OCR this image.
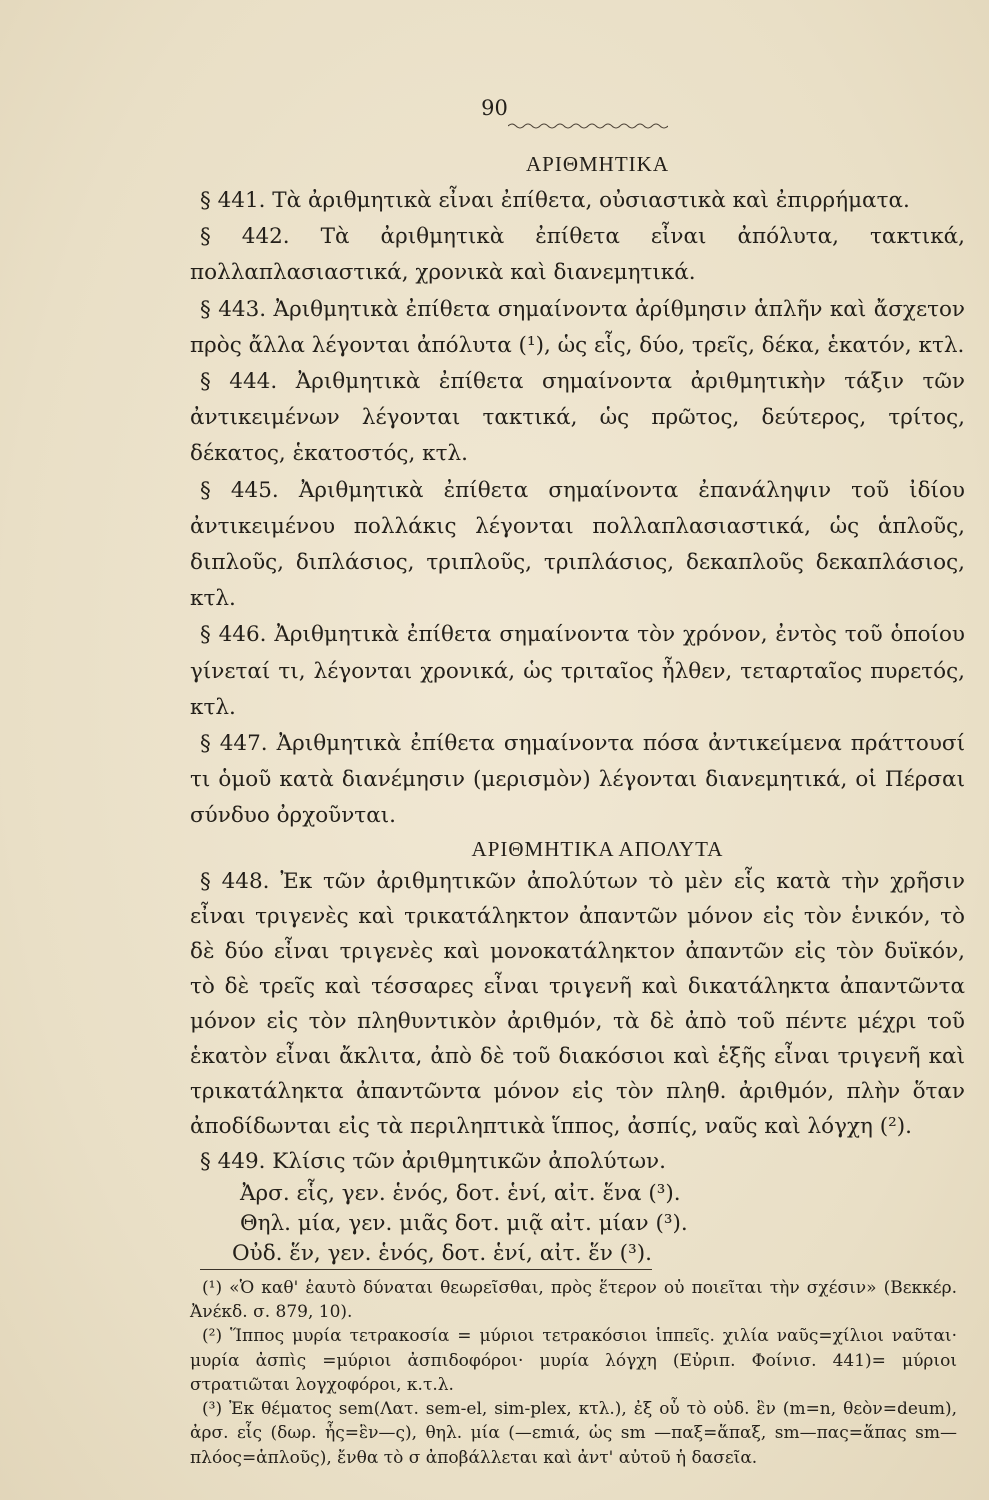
90
ΑΡΙΘΜΗΤΙΚΑ

§ 441. Τὰ ἀριθμητικὰ εἶναι ἐπίθετα, οὐσιαστικὰ καὶ ἐπιρρήματα.

§ 442. Τὰ ἀριθμητικὰ ἐπίθετα εἶναι ἀπόλυτα, τακτικά, πολλαπλασιαστικά, χρονικὰ καὶ διανεμητικά.

§ 443. Ἀριθμητικὰ ἐπίθετα σημαίνοντα ἀρίθμησιν ἁπλῆν καὶ ἄσχετον πρὸς ἄλλα λέγονται ἀπόλυτα (¹), ὡς εἷς, δύο, τρεῖς, δέκα, ἑκατόν, κτλ.

§ 444. Ἀριθμητικὰ ἐπίθετα σημαίνοντα ἀριθμητικὴν τάξιν τῶν ἀντικειμένων λέγονται τακτικά, ὡς πρῶτος, δεύτερος, τρίτος, δέκατος, ἑκατοστός, κτλ.

§ 445. Ἀριθμητικὰ ἐπίθετα σημαίνοντα ἐπανάληψιν τοῦ ἰδίου ἀντικειμένου πολλάκις λέγονται πολλαπλασιαστικά, ὡς ἁπλοῦς, διπλοῦς, διπλάσιος, τριπλοῦς, τριπλάσιος, δεκαπλοῦς δεκαπλάσιος, κτλ.

§ 446. Ἀριθμητικὰ ἐπίθετα σημαίνοντα τὸν χρόνον, ἐντὸς τοῦ ὁποίου γίνεταί τι, λέγονται χρονικά, ὡς τριταῖος ἦλθεν, τεταρταῖος πυρετός, κτλ.

§ 447. Ἀριθμητικὰ ἐπίθετα σημαίνοντα πόσα ἀντικείμενα πράττουσί τι ὁμοῦ κατὰ διανέμησιν (μερισμὸν) λέγονται διανεμητικά, οἱ Πέρσαι σύνδυο ὀρχοῦνται.

ΑΡΙΘΜΗΤΙΚΑ ΑΠΟΛΥΤΑ

§ 448. Ἐκ τῶν ἀριθμητικῶν ἀπολύτων τὸ μὲν εἷς κατὰ τὴν χρῆσιν εἶναι τριγενὲς καὶ τρικατάληκτον ἀπαντῶν μόνον εἰς τὸν ἑνικόν, τὸ δὲ δύο εἶναι τριγενὲς καὶ μονοκατάληκτον ἀπαντῶν εἰς τὸν δυϊκόν, τὸ δὲ τρεῖς καὶ τέσσαρες εἶναι τριγενῆ καὶ δικατάληκτα ἀπαντῶντα μόνον εἰς τὸν πληθυντικὸν ἀριθμόν, τὰ δὲ ἀπὸ τοῦ πέντε μέχρι τοῦ ἑκατὸν εἶναι ἄκλιτα, ἀπὸ δὲ τοῦ διακόσιοι καὶ ἑξῆς εἶναι τριγενῆ καὶ τρικατάληκτα ἀπαντῶντα μόνον εἰς τὸν πληθ. ἀριθμόν, πλὴν ὅταν ἀποδίδωνται εἰς τὰ περιληπτικὰ ἵππος, ἀσπίς, ναῦς καὶ λόγχη (²).

§ 449. Κλίσις τῶν ἀριθμητικῶν ἀπολύτων.

Ἀρσ. εἷς, γεν. ἑνός, δοτ. ἑνί, αἰτ. ἕνα (³).
Θηλ. μία, γεν. μιᾶς δοτ. μιᾷ αἰτ. μίαν (³).
Οὐδ. ἕν, γεν. ἑνός, δοτ. ἑνί, αἰτ. ἕν (³).

(¹) «Ὁ καθ' ἑαυτὸ δύναται θεωρεῖσθαι, πρὸς ἕτερον οὐ ποιεῖται τὴν σχέσιν» (Βεκκέρ. Ἀνέκδ. σ. 879, 10).

(²) Ἵππος μυρία τετρακοσία = μύριοι τετρακόσιοι ἱππεῖς. χιλία ναῦς=χίλιοι ναῦται· μυρία ἀσπὶς =μύριοι ἀσπιδοφόροι· μυρία λόγχη (Εὐριπ. Φοίνισ. 441)= μύριοι στρατιῶται λογχοφόροι, κ.τ.λ.

(³) Ἐκ θέματος sem(Λατ. sem-el, sim-plex, κτλ.), ἐξ οὗ τὸ οὐδ. ἓν (m=n, θεὸν=deum), ἀρσ. εἷς (δωρ. ἧς=ἓν—ς), θηλ. μία (—εmιά, ὡς sm —παξ=ἅπαξ, sm—πας=ἅπας sm—πλόος=ἁπλοῦς), ἔνθα τὸ σ ἀποβάλλεται καὶ ἀντ' αὐτοῦ ἡ δασεῖα.
